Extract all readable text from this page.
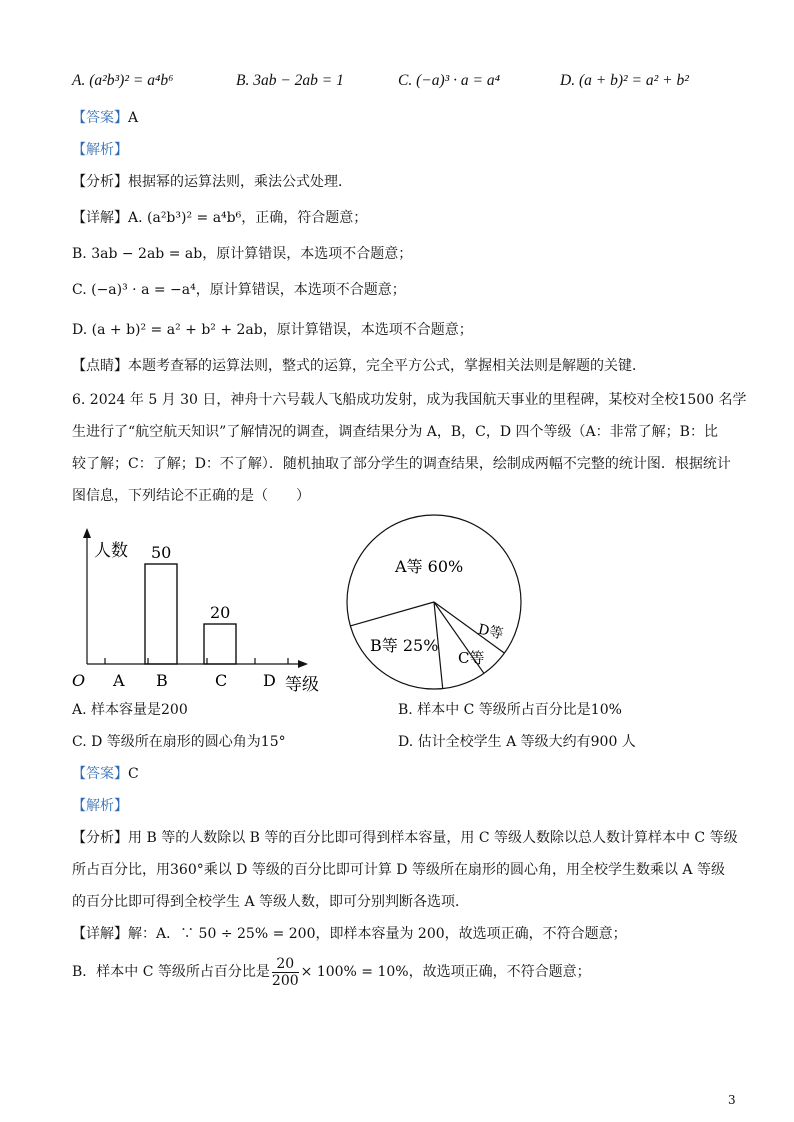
A. (a²b³)² = a⁴b⁶	B. 3ab − 2ab = 1	C. (−a)³ · a = a⁴	D. (a + b)² = a² + b²
【答案】A
【解析】
【分析】根据幂的运算法则，乘法公式处理．
【详解】A. (a²b³)² = a⁴b⁶，正确，符合题意；
B. 3ab − 2ab = ab，原计算错误，本选项不合题意；
C. (−a)³ · a = −a⁴，原计算错误，本选项不合题意；
D. (a + b)² = a² + b² + 2ab，原计算错误，本选项不合题意；
【点睛】本题考查幂的运算法则，整式的运算，完全平方公式，掌握相关法则是解题的关键．
6. 2024 年 5 月 30 日，神舟十六号载人飞船成功发射，成为我国航天事业的里程碑，某校对全校1500 名学
生进行了“航空航天知识”了解情况的调查，调查结果分为 A，B，C，D 四个等级（A：非常了解；B：比
较了解；C：了解；D：不了解）．随机抽取了部分学生的调查结果，绘制成两幅不完整的统计图．根据统计
图信息，下列结论不正确的是（　　）
人数
等级
O A B
50
C
20
D
A等 60%
B等 25%
C等
D等
A. 样本容量是200	B. 样本中 C 等级所占百分比是10%
C. D 等级所在扇形的圆心角为15°	D. 估计全校学生 A 等级大约有900 人
【答案】C
【解析】
【分析】用 B 等的人数除以 B 等的百分比即可得到样本容量，用 C 等级人数除以总人数计算样本中 C 等级
所占百分比，用360°乘以 D 等级的百分比即可计算 D 等级所在扇形的圆心角，用全校学生数乘以 A 等级
的百分比即可得到全校学生 A 等级人数，即可分别判断各选项．
【详解】解：A．∵ 50 ÷ 25% = 200，即样本容量为 200，故选项正确，不符合题意；
B．样本中 C 等级所占百分比是 $\frac{20}{200} \times 100\% = 10\%$，故选项正确，不符合题意；
3
